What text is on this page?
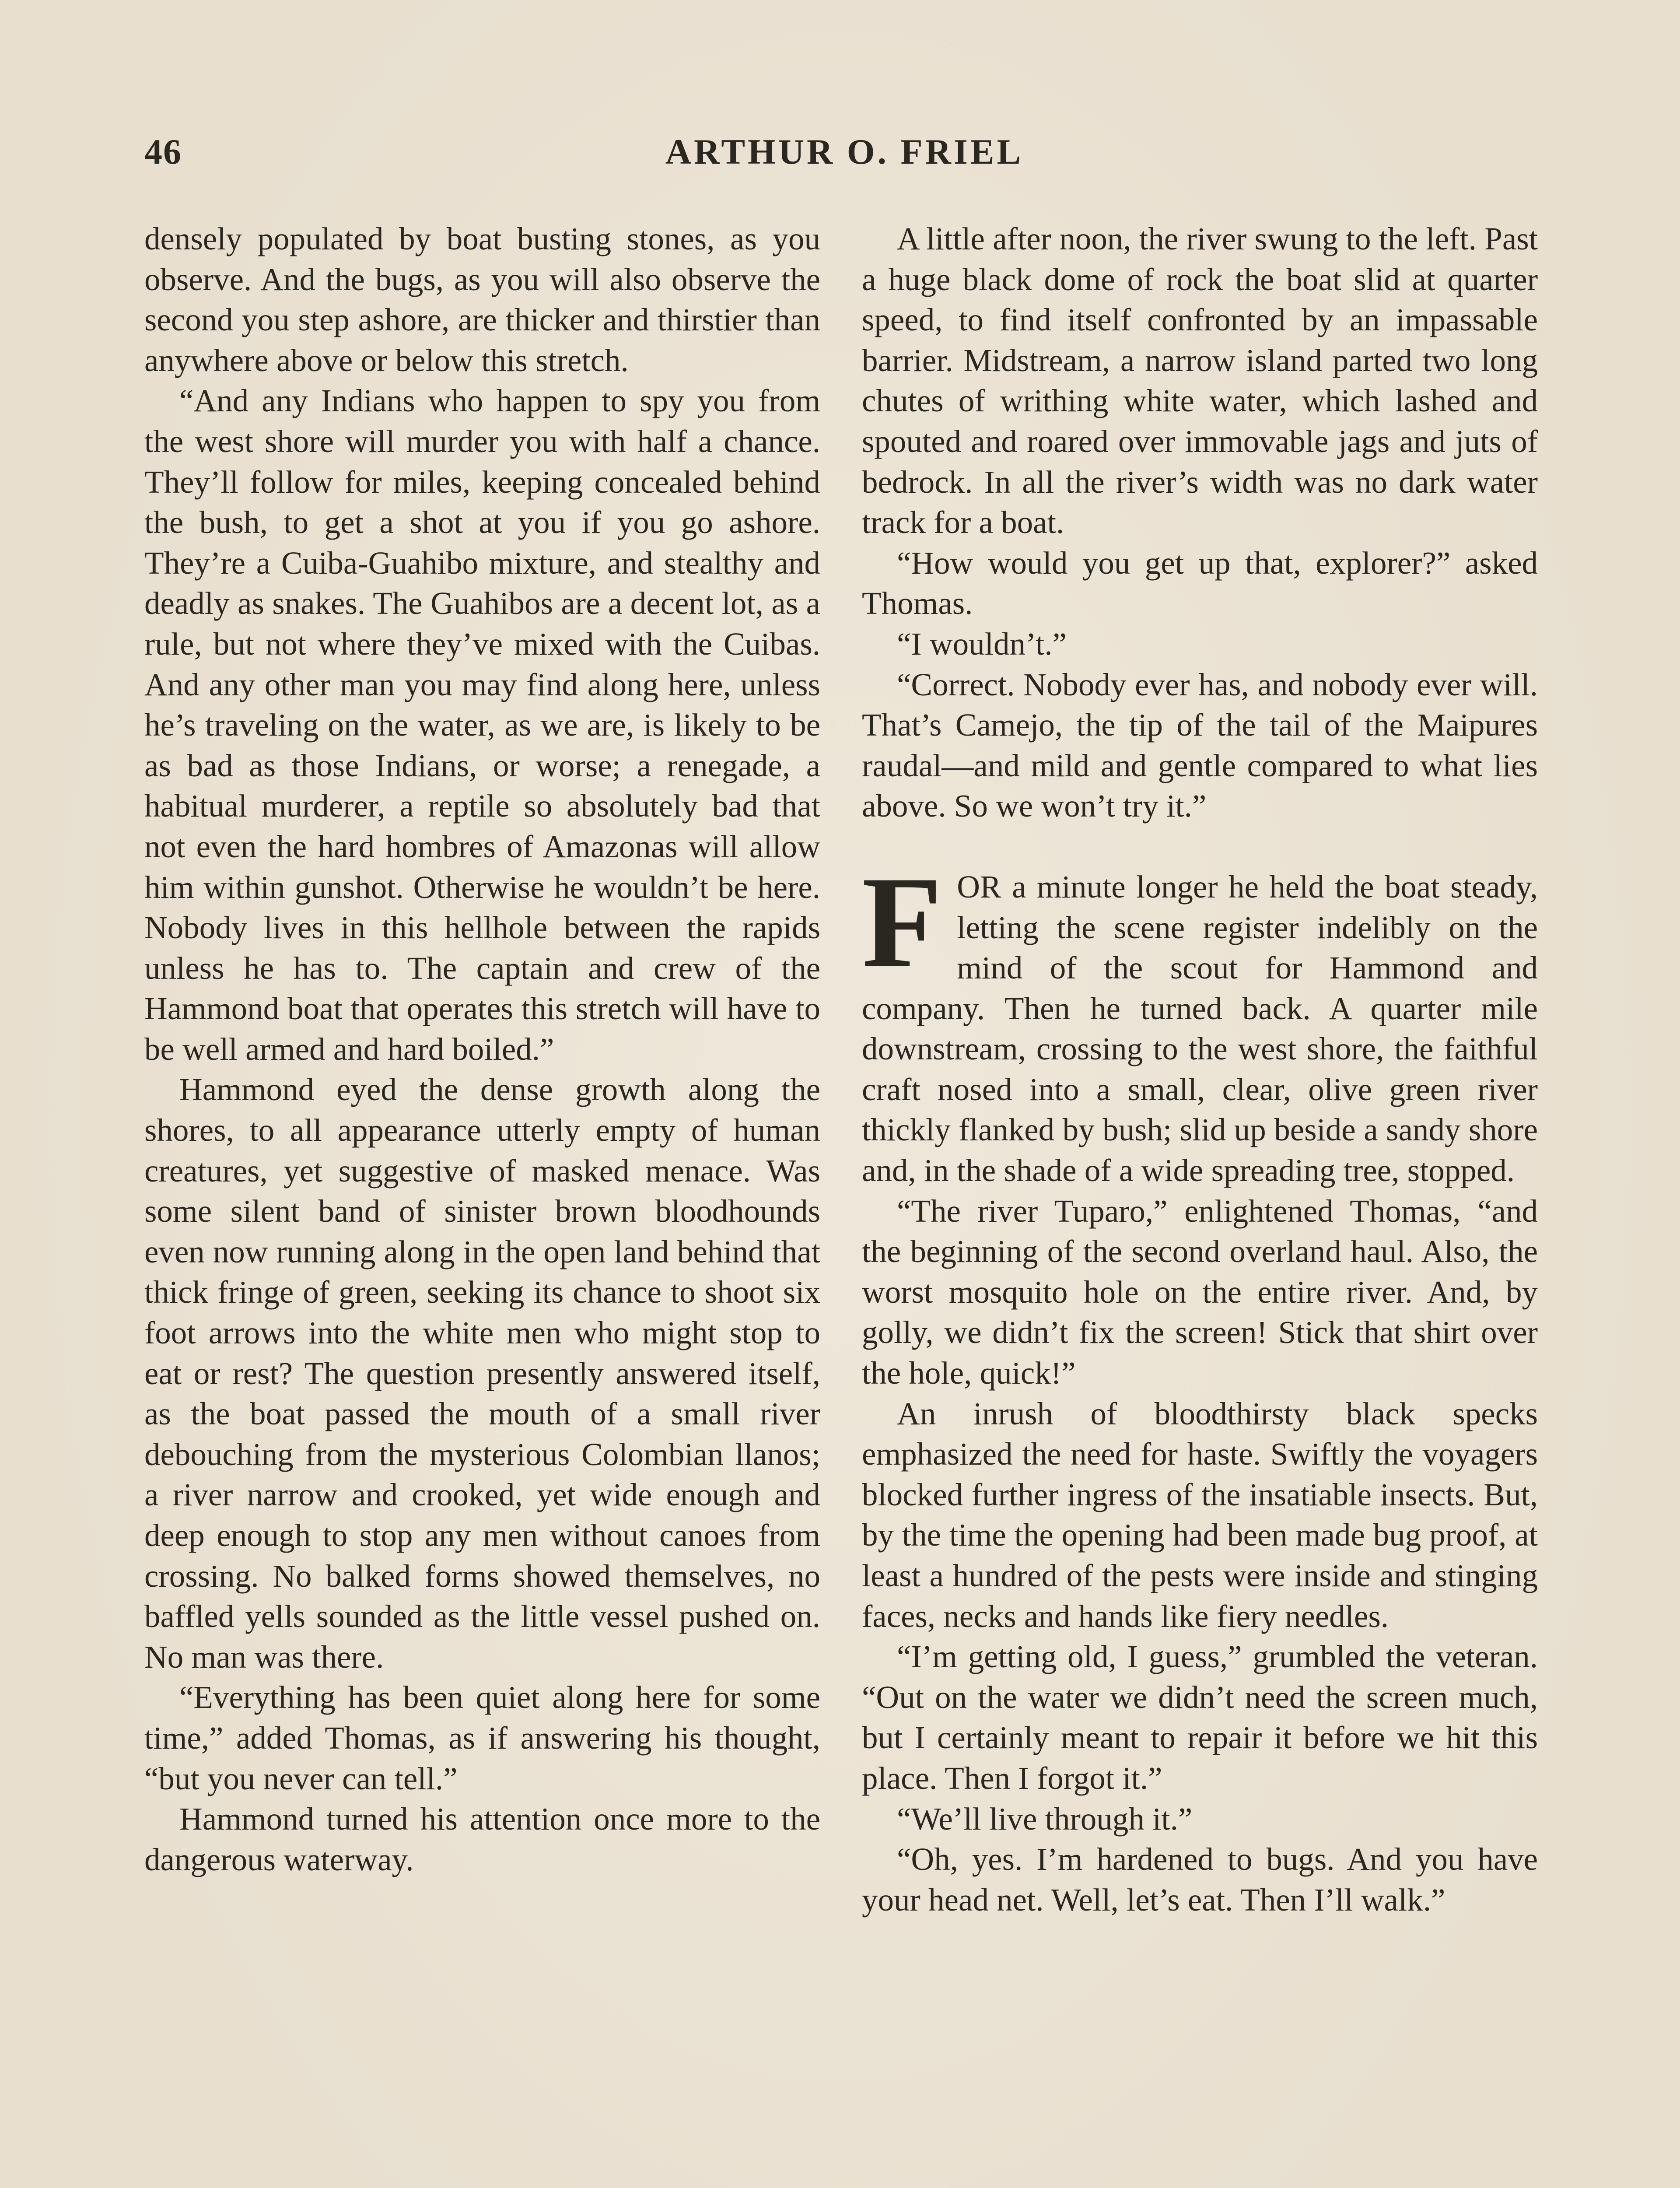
46	ARTHUR O. FRIEL

densely populated by boat busting stones, as you observe. And the bugs, as you will also observe the second you step ashore, are thicker and thirstier than anywhere above or below this stretch.

“And any Indians who happen to spy you from the west shore will murder you with half a chance. They’ll follow for miles, keeping concealed behind the bush, to get a shot at you if you go ashore. They’re a Cuiba-Guahibo mixture, and stealthy and deadly as snakes. The Guahibos are a decent lot, as a rule, but not where they’ve mixed with the Cuibas. And any other man you may find along here, unless he’s traveling on the water, as we are, is likely to be as bad as those Indians, or worse; a renegade, a habitual murderer, a reptile so absolutely bad that not even the hard hombres of Amazonas will allow him within gunshot. Otherwise he wouldn’t be here. Nobody lives in this hellhole between the rapids unless he has to. The captain and crew of the Hammond boat that operates this stretch will have to be well armed and hard boiled.”

Hammond eyed the dense growth along the shores, to all appearance utterly empty of human creatures, yet suggestive of masked menace. Was some silent band of sinister brown bloodhounds even now running along in the open land behind that thick fringe of green, seeking its chance to shoot six foot arrows into the white men who might stop to eat or rest? The question presently answered itself, as the boat passed the mouth of a small river debouching from the mysterious Colombian llanos; a river narrow and crooked, yet wide enough and deep enough to stop any men without canoes from crossing. No balked forms showed themselves, no baffled yells sounded as the little vessel pushed on. No man was there.

“Everything has been quiet along here for some time,” added Thomas, as if answering his thought, “but you never can tell.”

Hammond turned his attention once more to the dangerous waterway.

A little after noon, the river swung to the left. Past a huge black dome of rock the boat slid at quarter speed, to find itself confronted by an impassable barrier. Midstream, a narrow island parted two long chutes of writhing white water, which lashed and spouted and roared over immovable jags and juts of bedrock. In all the river’s width was no dark water track for a boat.

“How would you get up that, explorer?” asked Thomas.

“I wouldn’t.”

“Correct. Nobody ever has, and nobody ever will. That’s Camejo, the tip of the tail of the Maipures raudal—and mild and gentle compared to what lies above. So we won’t try it.”

FOR a minute longer he held the boat steady, letting the scene register indelibly on the mind of the scout for Hammond and company. Then he turned back. A quarter mile downstream, crossing to the west shore, the faithful craft nosed into a small, clear, olive green river thickly flanked by bush; slid up beside a sandy shore and, in the shade of a wide spreading tree, stopped.

“The river Tuparo,” enlightened Thomas, “and the beginning of the second overland haul. Also, the worst mosquito hole on the entire river. And, by golly, we didn’t fix the screen! Stick that shirt over the hole, quick!”

An inrush of bloodthirsty black specks emphasized the need for haste. Swiftly the voyagers blocked further ingress of the insatiable insects. But, by the time the opening had been made bug proof, at least a hundred of the pests were inside and stinging faces, necks and hands like fiery needles.

“I’m getting old, I guess,” grumbled the veteran. “Out on the water we didn’t need the screen much, but I certainly meant to repair it before we hit this place. Then I forgot it.”

“We’ll live through it.”

“Oh, yes. I’m hardened to bugs. And you have your head net. Well, let’s eat. Then I’ll walk.”
